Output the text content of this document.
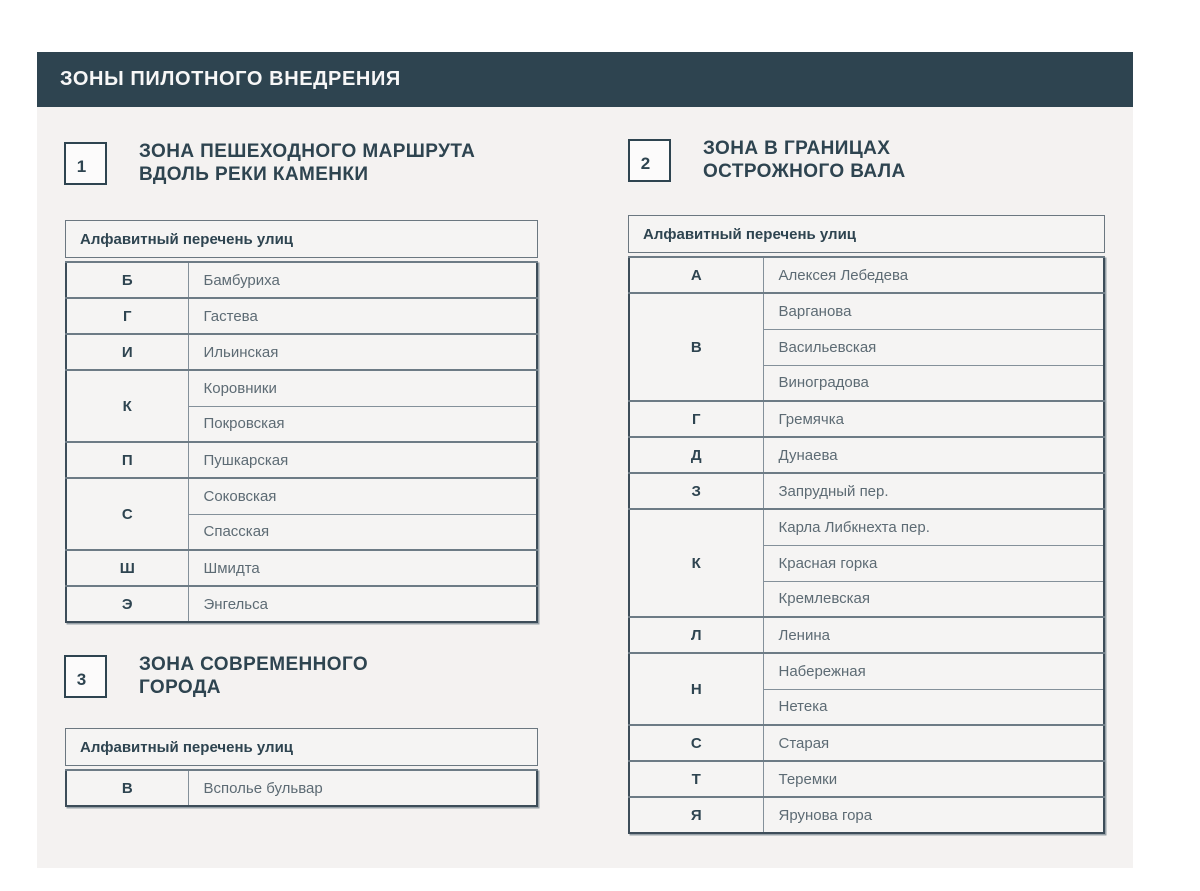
ЗОНЫ ПИЛОТНОГО ВНЕДРЕНИЯ
1
ЗОНА ПЕШЕХОДНОГО МАРШРУТА
ВДОЛЬ РЕКИ КАМЕНКИ
Алфавитный перечень улиц
Б	Бамбуриха
Г	Гастева
И	Ильинская
К	Коровники
	Покровская
П	Пушкарская
С	Соковская
	Спасская
Ш	Шмидта
Э	Энгельса
2
ЗОНА В ГРАНИЦАХ
ОСТРОЖНОГО ВАЛА
Алфавитный перечень улиц
А	Алексея Лебедева
В	Варганова
	Васильевская
	Виноградова
Г	Гремячка
Д	Дунаева
З	Запрудный пер.
К	Карла Либкнехта пер.
	Красная горка
	Кремлевская
Л	Ленина
Н	Набережная
	Нетека
С	Старая
Т	Теремки
Я	Ярунова гора
3
ЗОНА СОВРЕМЕННОГО
ГОРОДА
Алфавитный перечень улиц
В	Всполье бульвар
